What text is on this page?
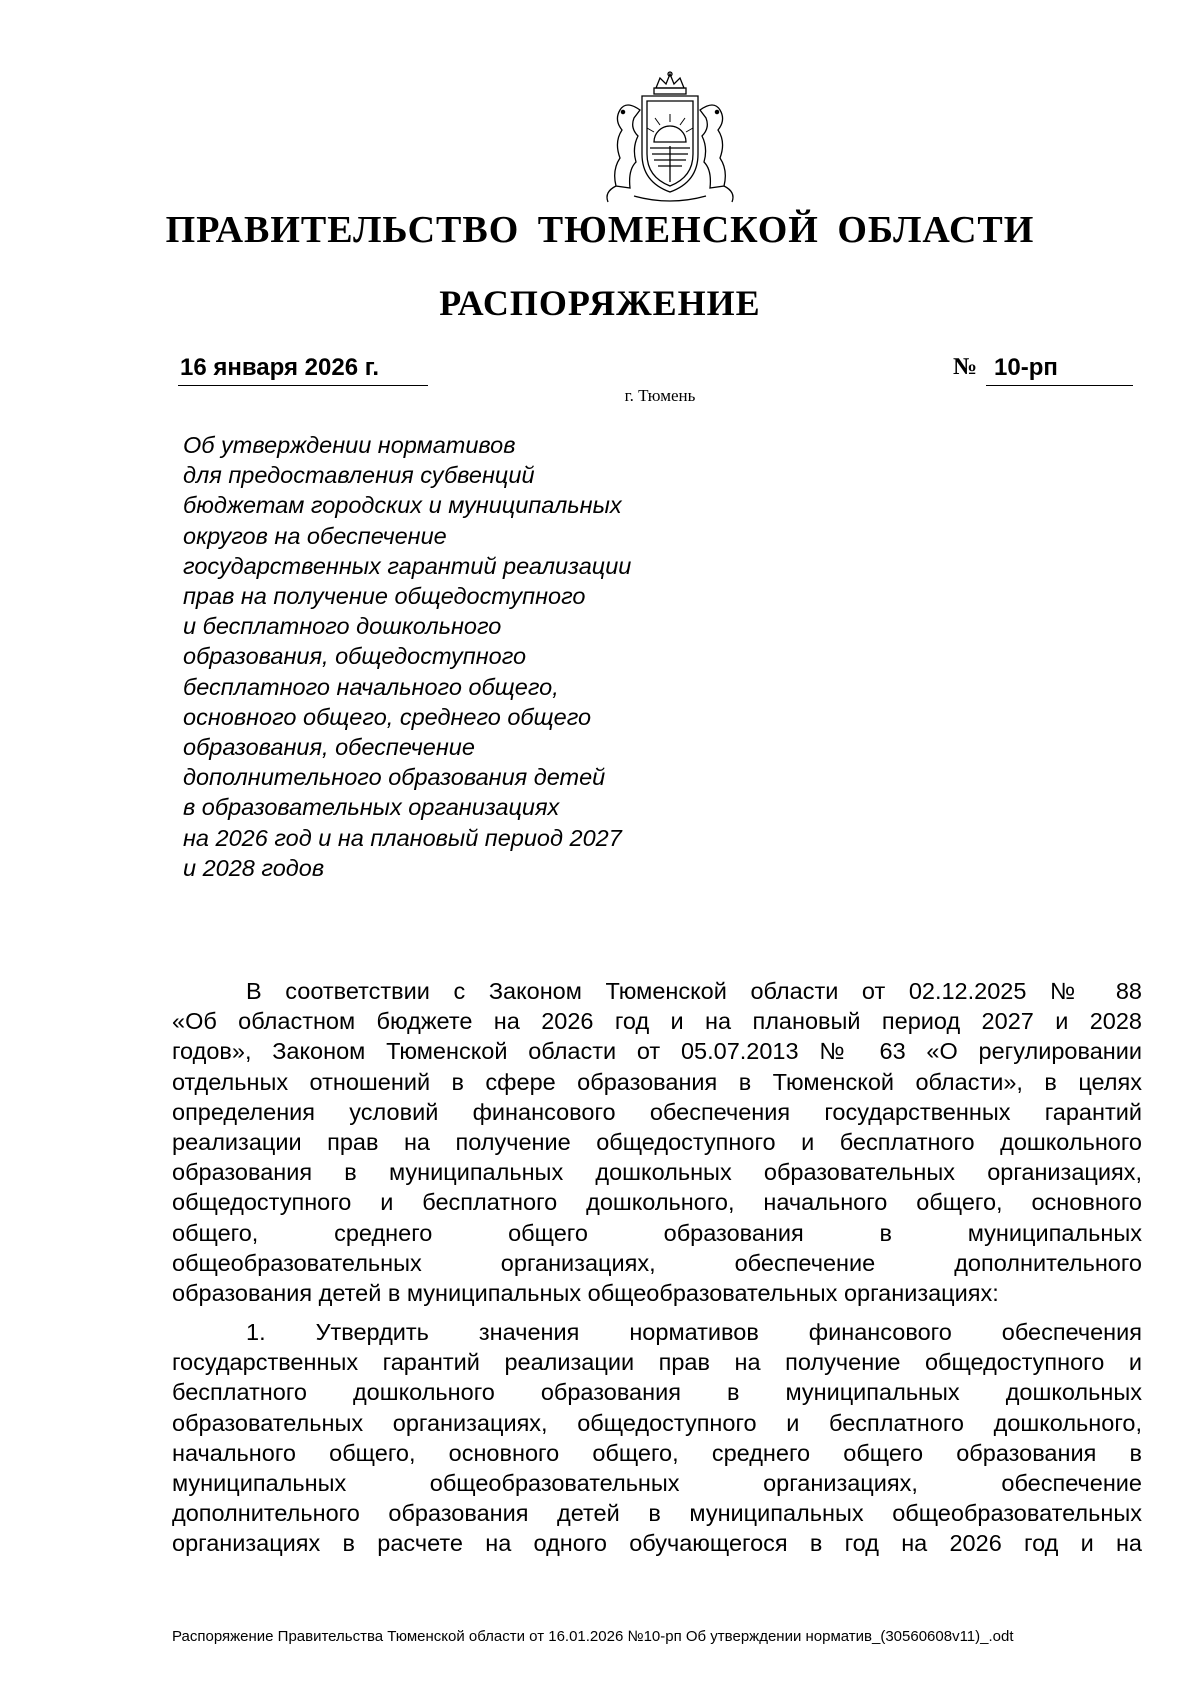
ПРАВИТЕЛЬСТВО ТЮМЕНСКОЙ ОБЛАСТИ
РАСПОРЯЖЕНИЕ
16 января 2026 г.	№ 10-рп
г. Тюмень
Об утверждении нормативов
для предоставления субвенций
бюджетам городских и муниципальных
округов на обеспечение
государственных гарантий реализации
прав на получение общедоступного
и бесплатного дошкольного
образования, общедоступного
бесплатного начального общего,
основного общего, среднего общего
образования, обеспечение
дополнительного образования детей
в образовательных организациях
на 2026 год и на плановый период 2027
и 2028 годов

В соответствии с Законом Тюменской области от 02.12.2025 № 88
«Об областном бюджете на 2026 год и на плановый период 2027 и 2028
годов», Законом Тюменской области от 05.07.2013 № 63 «О регулировании
отдельных отношений в сфере образования в Тюменской области», в целях
определения условий финансового обеспечения государственных гарантий
реализации прав на получение общедоступного и бесплатного дошкольного
образования в муниципальных дошкольных образовательных организациях,
общедоступного и бесплатного дошкольного, начального общего, основного
общего, среднего общего образования в муниципальных
общеобразовательных организациях, обеспечение дополнительного
образования детей в муниципальных общеобразовательных организациях:

1. Утвердить значения нормативов финансового обеспечения
государственных гарантий реализации прав на получение общедоступного и
бесплатного дошкольного образования в муниципальных дошкольных
образовательных организациях, общедоступного и бесплатного дошкольного,
начального общего, основного общего, среднего общего образования в
муниципальных общеобразовательных организациях, обеспечение
дополнительного образования детей в муниципальных общеобразовательных
организациях в расчете на одного обучающегося в год на 2026 год и на

Распоряжение Правительства Тюменской области от 16.01.2026 №10-рп Об утверждении норматив_(30560608v11)_.odt
